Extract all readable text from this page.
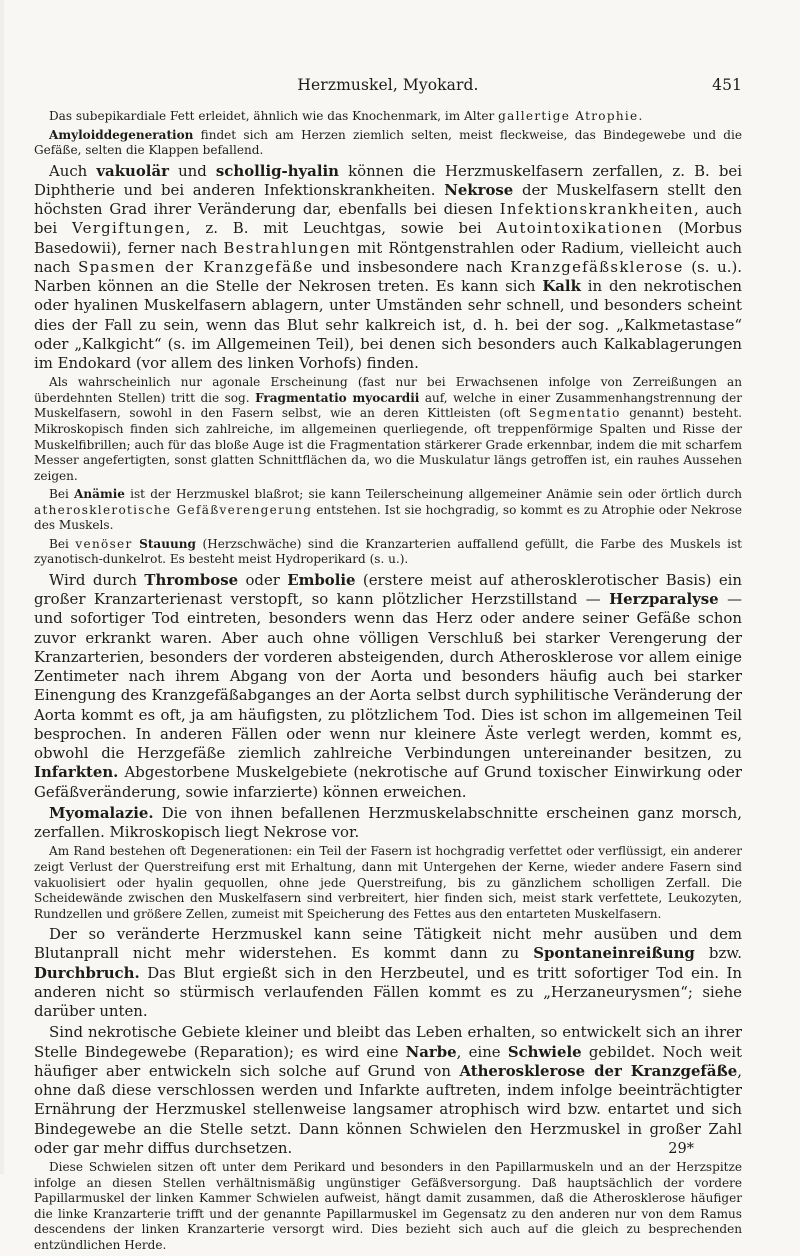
Herzmuskel, Myokard.	451

Das subepikardiale Fett erleidet, ähnlich wie das Knochenmark, im Alter gallertige Atrophie.

Amyloiddegeneration findet sich am Herzen ziemlich selten, meist fleckweise, das Bindegewebe und die Gefäße, selten die Klappen befallend.

Auch vakuolär und schollig-hyalin können die Herzmuskelfasern zerfallen, z. B. bei Diphtherie und bei anderen Infektionskrankheiten. Nekrose der Muskelfasern stellt den höchsten Grad ihrer Veränderung dar, ebenfalls bei diesen Infektionskrankheiten, auch bei Vergiftungen, z. B. mit Leuchtgas, sowie bei Autointoxikationen (Morbus Basedowii), ferner nach Bestrahlungen mit Röntgenstrahlen oder Radium, vielleicht auch nach Spasmen der Kranzgefäße und insbesondere nach Kranzgefäßsklerose (s. u.). Narben können an die Stelle der Nekrosen treten. Es kann sich Kalk in den nekrotischen oder hyalinen Muskelfasern ablagern, unter Umständen sehr schnell, und besonders scheint dies der Fall zu sein, wenn das Blut sehr kalkreich ist, d. h. bei der sog. „Kalkmetastase“ oder „Kalkgicht“ (s. im Allgemeinen Teil), bei denen sich besonders auch Kalkablagerungen im Endokard (vor allem des linken Vorhofs) finden.

Als wahrscheinlich nur agonale Erscheinung (fast nur bei Erwachsenen infolge von Zerreißungen an überdehnten Stellen) tritt die sog. Fragmentatio myocardii auf, welche in einer Zusammenhangstrennung der Muskelfasern, sowohl in den Fasern selbst, wie an deren Kittleisten (oft Segmentatio genannt) besteht. Mikroskopisch finden sich zahlreiche, im allgemeinen querliegende, oft treppenförmige Spalten und Risse der Muskelfibrillen; auch für das bloße Auge ist die Fragmentation stärkerer Grade erkennbar, indem die mit scharfem Messer angefertigten, sonst glatten Schnittflächen da, wo die Muskulatur längs getroffen ist, ein rauhes Aussehen zeigen.

Bei Anämie ist der Herzmuskel blaßrot; sie kann Teilerscheinung allgemeiner Anämie sein oder örtlich durch atherosklerotische Gefäßverengerung entstehen. Ist sie hochgradig, so kommt es zu Atrophie oder Nekrose des Muskels.

Bei venöser Stauung (Herzschwäche) sind die Kranzarterien auffallend gefüllt, die Farbe des Muskels ist zyanotisch-dunkelrot. Es besteht meist Hydroperikard (s. u.).

Wird durch Thrombose oder Embolie (erstere meist auf atherosklerotischer Basis) ein großer Kranzarterienast verstopft, so kann plötzlicher Herzstillstand — Herzparalyse — und sofortiger Tod eintreten, besonders wenn das Herz oder andere seiner Gefäße schon zuvor erkrankt waren. Aber auch ohne völligen Verschluß bei starker Verengerung der Kranzarterien, besonders der vorderen absteigenden, durch Atherosklerose vor allem einige Zentimeter nach ihrem Abgang von der Aorta und besonders häufig auch bei starker Einengung des Kranzgefäßabganges an der Aorta selbst durch syphilitische Veränderung der Aorta kommt es oft, ja am häufigsten, zu plötzlichem Tod. Dies ist schon im allgemeinen Teil besprochen. In anderen Fällen oder wenn nur kleinere Äste verlegt werden, kommt es, obwohl die Herzgefäße ziemlich zahlreiche Verbindungen untereinander besitzen, zu Infarkten. Abgestorbene Muskelgebiete (nekrotische auf Grund toxischer Einwirkung oder Gefäßveränderung, sowie infarzierte) können erweichen.

Myomalazie. Die von ihnen befallenen Herzmuskelabschnitte erscheinen ganz morsch, zerfallen. Mikroskopisch liegt Nekrose vor.

Am Rand bestehen oft Degenerationen: ein Teil der Fasern ist hochgradig verfettet oder verflüssigt, ein anderer zeigt Verlust der Querstreifung erst mit Erhaltung, dann mit Untergehen der Kerne, wieder andere Fasern sind vakuolisiert oder hyalin gequollen, ohne jede Querstreifung, bis zu gänzlichem scholligen Zerfall. Die Scheidewände zwischen den Muskelfasern sind verbreitert, hier finden sich, meist stark verfettete, Leukozyten, Rundzellen und größere Zellen, zumeist mit Speicherung des Fettes aus den entarteten Muskelfasern.

Der so veränderte Herzmuskel kann seine Tätigkeit nicht mehr ausüben und dem Blutanprall nicht mehr widerstehen. Es kommt dann zu Spontaneinreißung bzw. Durchbruch. Das Blut ergießt sich in den Herzbeutel, und es tritt sofortiger Tod ein. In anderen nicht so stürmisch verlaufenden Fällen kommt es zu „Herzaneurysmen“; siehe darüber unten.

Sind nekrotische Gebiete kleiner und bleibt das Leben erhalten, so entwickelt sich an ihrer Stelle Bindegewebe (Reparation); es wird eine Narbe, eine Schwiele gebildet. Noch weit häufiger aber entwickeln sich solche auf Grund von Atherosklerose der Kranzgefäße, ohne daß diese verschlossen werden und Infarkte auftreten, indem infolge beeinträchtigter Ernährung der Herzmuskel stellenweise langsamer atrophisch wird bzw. entartet und sich Bindegewebe an die Stelle setzt. Dann können Schwielen den Herzmuskel in großer Zahl oder gar mehr diffus durchsetzen.

Diese Schwielen sitzen oft unter dem Perikard und besonders in den Papillarmuskeln und an der Herzspitze infolge an diesen Stellen verhältnismäßig ungünstiger Gefäßversorgung. Daß hauptsächlich der vordere Papillarmuskel der linken Kammer Schwielen aufweist, hängt damit zusammen, daß die Atherosklerose häufiger die linke Kranzarterie trifft und der genannte Papillarmuskel im Gegensatz zu den anderen nur von dem Ramus descendens der linken Kranzarterie versorgt wird. Dies bezieht sich auch auf die gleich zu besprechenden entzündlichen Herde.

29*
